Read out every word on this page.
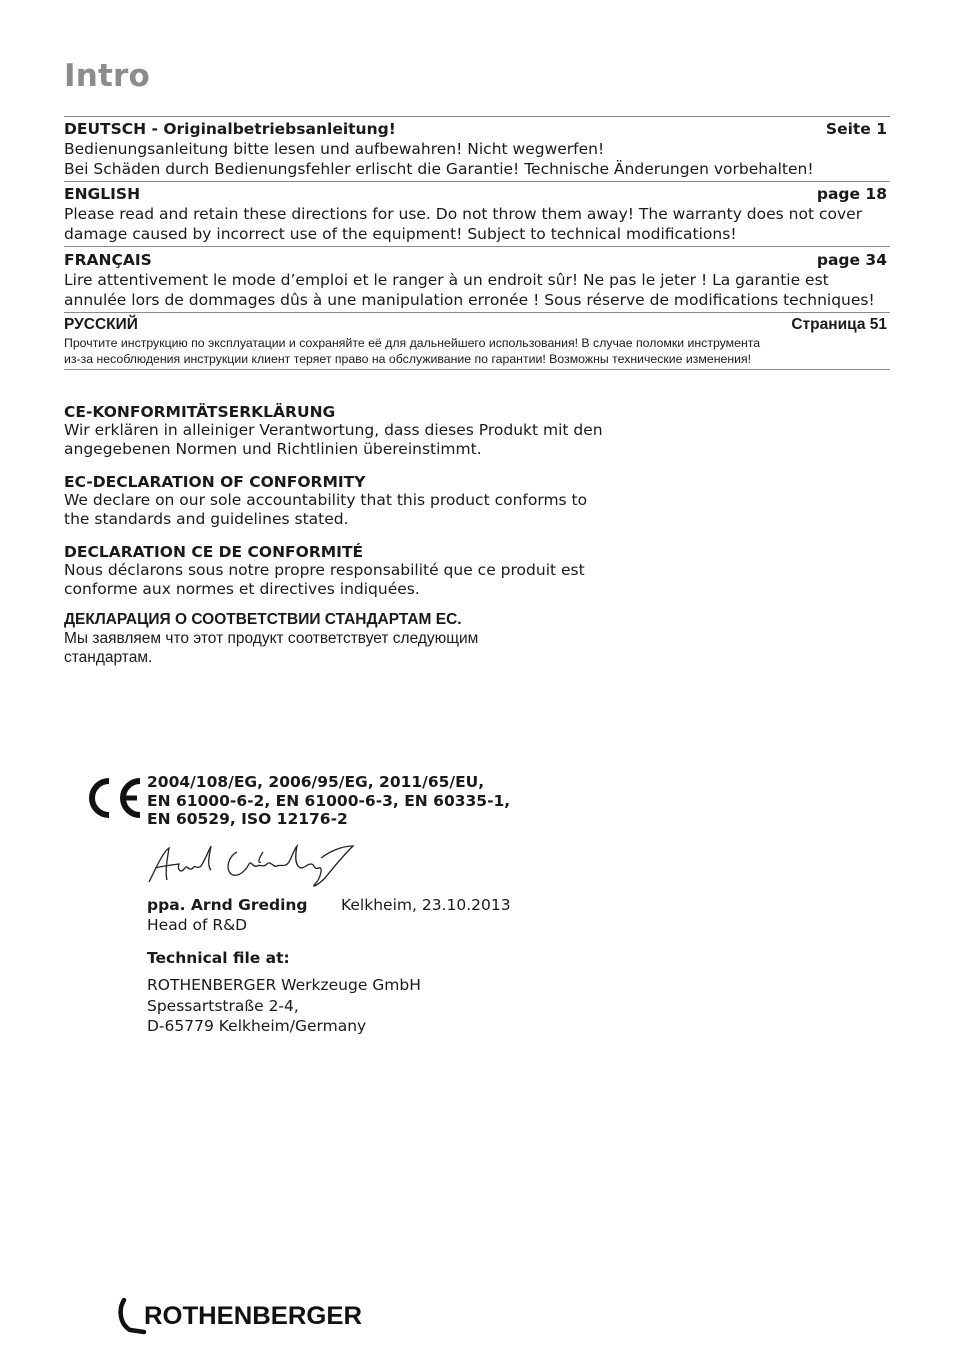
Intro
DEUTSCH - Originalbetriebsanleitung!	Seite 1
Bedienungsanleitung bitte lesen und aufbewahren! Nicht wegwerfen!
Bei Schäden durch Bedienungsfehler erlischt die Garantie! Technische Änderungen vorbehalten!
ENGLISH	page 18
Please read and retain these directions for use. Do not throw them away! The warranty does not cover
damage caused by incorrect use of the equipment! Subject to technical modifications!
FRANÇAIS	page 34
Lire attentivement le mode d’emploi et le ranger à un endroit sûr! Ne pas le jeter ! La garantie est
annulée lors de dommages dûs à une manipulation erronée ! Sous réserve de modifications techniques!
РУССКИЙ	Страница 51
Прочтите инструкцию по эксплуатации и сохраняйте её для дальнейшего использования! В случае поломки инструмента
из-за несоблюдения инструкции клиент теряет право на обслуживание по гарантии! Возможны технические изменения!
CE-KONFORMITÄTSERKLÄRUNG
Wir erklären in alleiniger Verantwortung, dass dieses Produkt mit den
angegebenen Normen und Richtlinien übereinstimmt.
EC-DECLARATION OF CONFORMITY
We declare on our sole accountability that this product conforms to
the standards and guidelines stated.
DECLARATION CE DE CONFORMITÉ
Nous déclarons sous notre propre responsabilité que ce produit est
conforme aux normes et directives indiquées.
ДЕКЛАРАЦИЯ О СООТВЕТСТВИИ СТАНДАРТАМ ЕС.
Мы заявляем что этот продукт соответствует следующим
стандартам.
2004/108/EG, 2006/95/EG, 2011/65/EU,
EN 61000-6-2, EN 61000-6-3, EN 60335-1,
EN 60529, ISO 12176-2
ppa. Arnd Greding
Head of R&D
Kelkheim, 23.10.2013
Technical file at:
ROTHENBERGER Werkzeuge GmbH
Spessartstraße 2-4,
D-65779 Kelkheim/Germany
ROTHENBERGER
